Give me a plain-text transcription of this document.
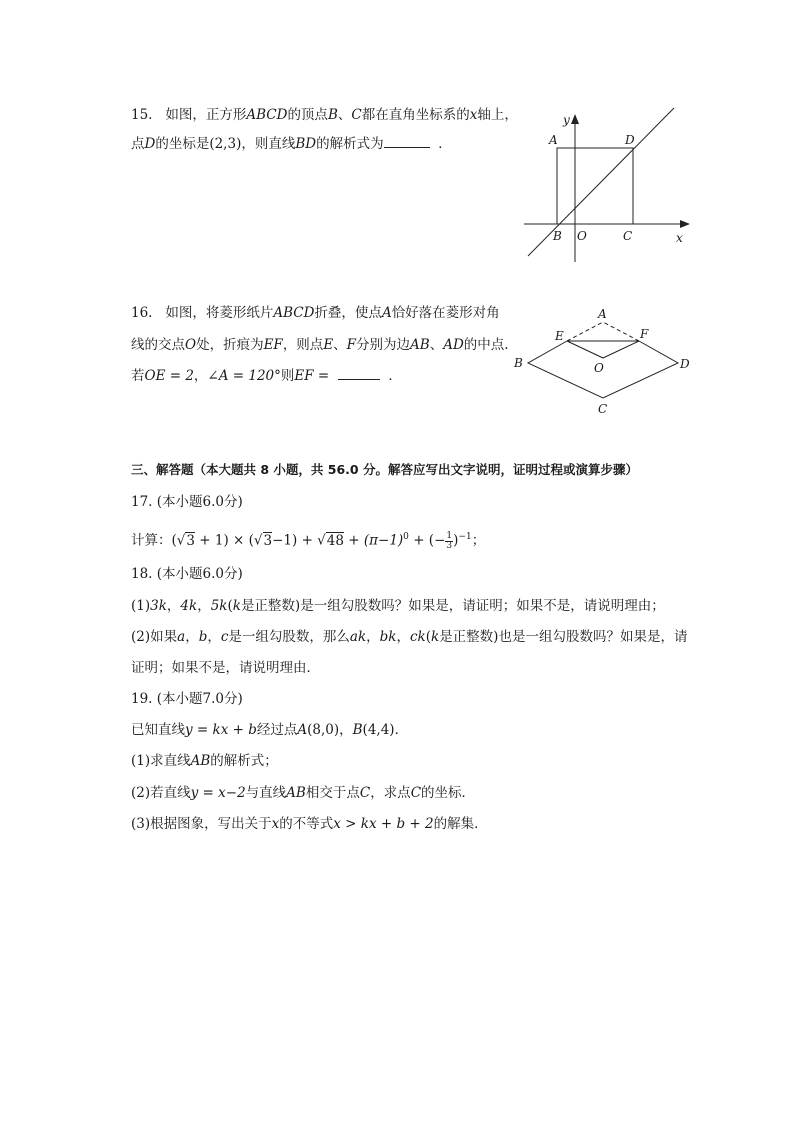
15. 如图，正方形ABCD的顶点B、C都在直角坐标系的x轴上，
点D的坐标是(2,3)，则直线BD的解析式为	．
y
A	D
B O	C	x
16. 如图，将菱形纸片ABCD折叠，使点A恰好落在菱形对角
线的交点O处，折痕为EF，则点E、F分别为边AB、AD的中点.
若OE = 2，∠A = 120°则EF =	．
A
E	F
B	O	D
C
三、解答题（本大题共 8 小题，共 56.0 分。解答应写出文字说明，证明过程或演算步骤）
17. (本小题6.0分)
计算：$(√3 + 1) \times (√3-1) + √48 + (\pi-1)^0$ + (− $\frac{1}{3} )^{-1}$；
18. (本小题6.0分)
(1)3k，4k，5k(k是正整数)是一组勾股数吗？如果是，请证明；如果不是，请说明理由；
(2)如果a，b，c是一组勾股数，那么ak，bk，ck(k是正整数)也是一组勾股数吗？如果是，请
证明；如果不是，请说明理由．
19. (本小题7.0分)
已知直线y = kx + b经过点A(8,0)，B(4,4)．
(1)求直线AB的解析式；
(2)若直线y = x−2与直线AB相交于点C，求点C的坐标．
(3)根据图象，写出关于x的不等式x > kx + b + 2的解集．
